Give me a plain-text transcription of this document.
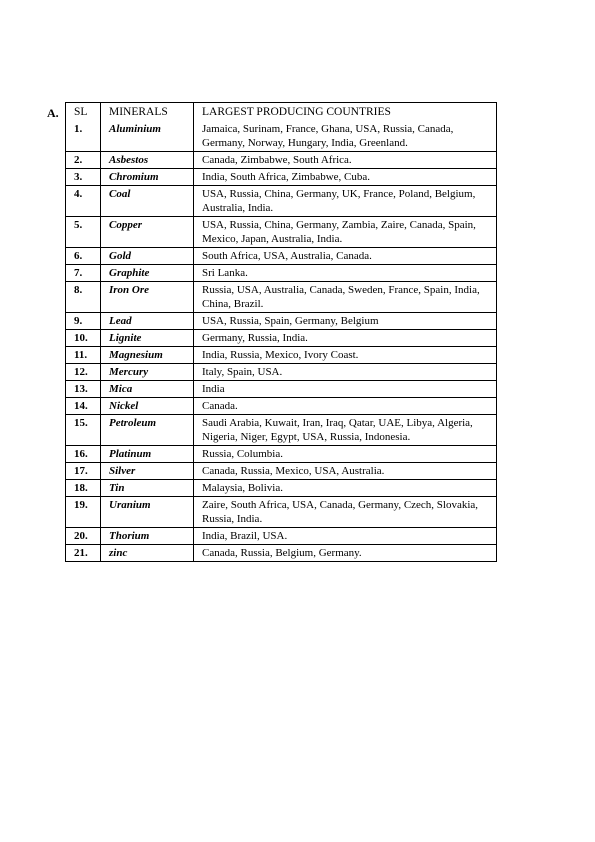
A. SL	MINERALS	LARGEST PRODUCING COUNTRIES
1.	Aluminium	Jamaica, Surinam, France, Ghana, USA, Russia, Canada, Germany, Norway, Hungary, India, Greenland.
2.	Asbestos	Canada, Zimbabwe, South Africa.
3.	Chromium	India, South Africa, Zimbabwe, Cuba.
4.	Coal	USA, Russia, China, Germany, UK, France, Poland, Belgium, Australia, India.
5.	Copper	USA, Russia, China, Germany, Zambia, Zaire, Canada, Spain, Mexico, Japan, Australia, India.
6.	Gold	South Africa, USA, Australia, Canada.
7.	Graphite	Sri Lanka.
8.	Iron Ore	Russia, USA, Australia, Canada, Sweden, France, Spain, India, China, Brazil.
9.	Lead	USA, Russia, Spain, Germany, Belgium
10.	Lignite	Germany, Russia, India.
11.	Magnesium	India, Russia, Mexico, Ivory Coast.
12.	Mercury	Italy, Spain, USA.
13.	Mica	India
14.	Nickel	Canada.
15.	Petroleum	Saudi Arabia, Kuwait, Iran, Iraq, Qatar, UAE, Libya, Algeria, Nigeria, Niger, Egypt, USA, Russia, Indonesia.
16.	Platinum	Russia, Columbia.
17.	Silver	Canada, Russia, Mexico, USA, Australia.
18.	Tin	Malaysia, Bolivia.
19.	Uranium	Zaire, South Africa, USA, Canada, Germany, Czech, Slovakia, Russia, India.
20.	Thorium	India, Brazil, USA.
21.	zinc	Canada, Russia, Belgium, Germany.
